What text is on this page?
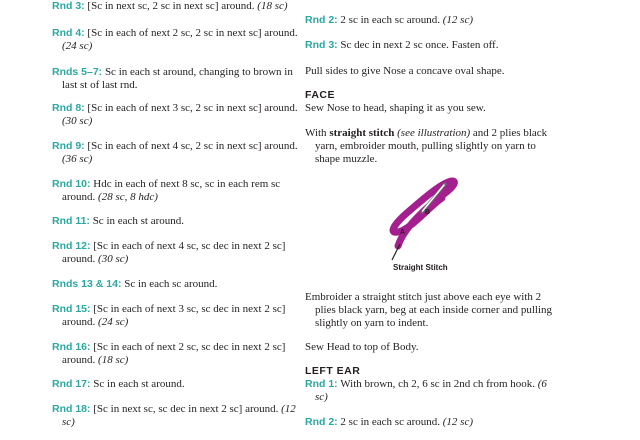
Rnd 3: [Sc in next sc, 2 sc in next sc] around. (18 sc)

Rnd 4: [Sc in each of next 2 sc, 2 sc in next sc] around. (24 sc)

Rnds 5–7: Sc in each st around, changing to brown in last st of last rnd.

Rnd 8: [Sc in each of next 3 sc, 2 sc in next sc] around. (30 sc)

Rnd 9: [Sc in each of next 4 sc, 2 sc in next sc] around. (36 sc)

Rnd 10: Hdc in each of next 8 sc, sc in each rem sc around. (28 sc, 8 hdc)

Rnd 11: Sc in each st around.

Rnd 12: [Sc in each of next 4 sc, sc dec in next 2 sc] around. (30 sc)

Rnds 13 & 14: Sc in each sc around.

Rnd 15: [Sc in each of next 3 sc, sc dec in next 2 sc] around. (24 sc)

Rnd 16: [Sc in each of next 2 sc, sc dec in next 2 sc] around. (18 sc)

Rnd 17: Sc in each st around.

Rnd 18: [Sc in next sc, sc dec in next 2 sc] around. (12 sc)

Rnd 2: 2 sc in each sc around. (12 sc)

Rnd 3: Sc dec in next 2 sc once. Fasten off.

Pull sides to give Nose a concave oval shape.

FACE

Sew Nose to head, shaping it as you sew.

With straight stitch (see illustration) and 2 plies black yarn, embroider mouth, pulling slightly on yarn to shape muzzle.

Embroider a straight stitch just above each eye with 2 plies black yarn, beg at each inside corner and pulling slightly on yarn to indent.

Sew Head to top of Body.

LEFT EAR

Rnd 1: With brown, ch 2, 6 sc in 2nd ch from hook. (6 sc)

Rnd 2: 2 sc in each sc around. (12 sc)

A
B
Straight Stitch
